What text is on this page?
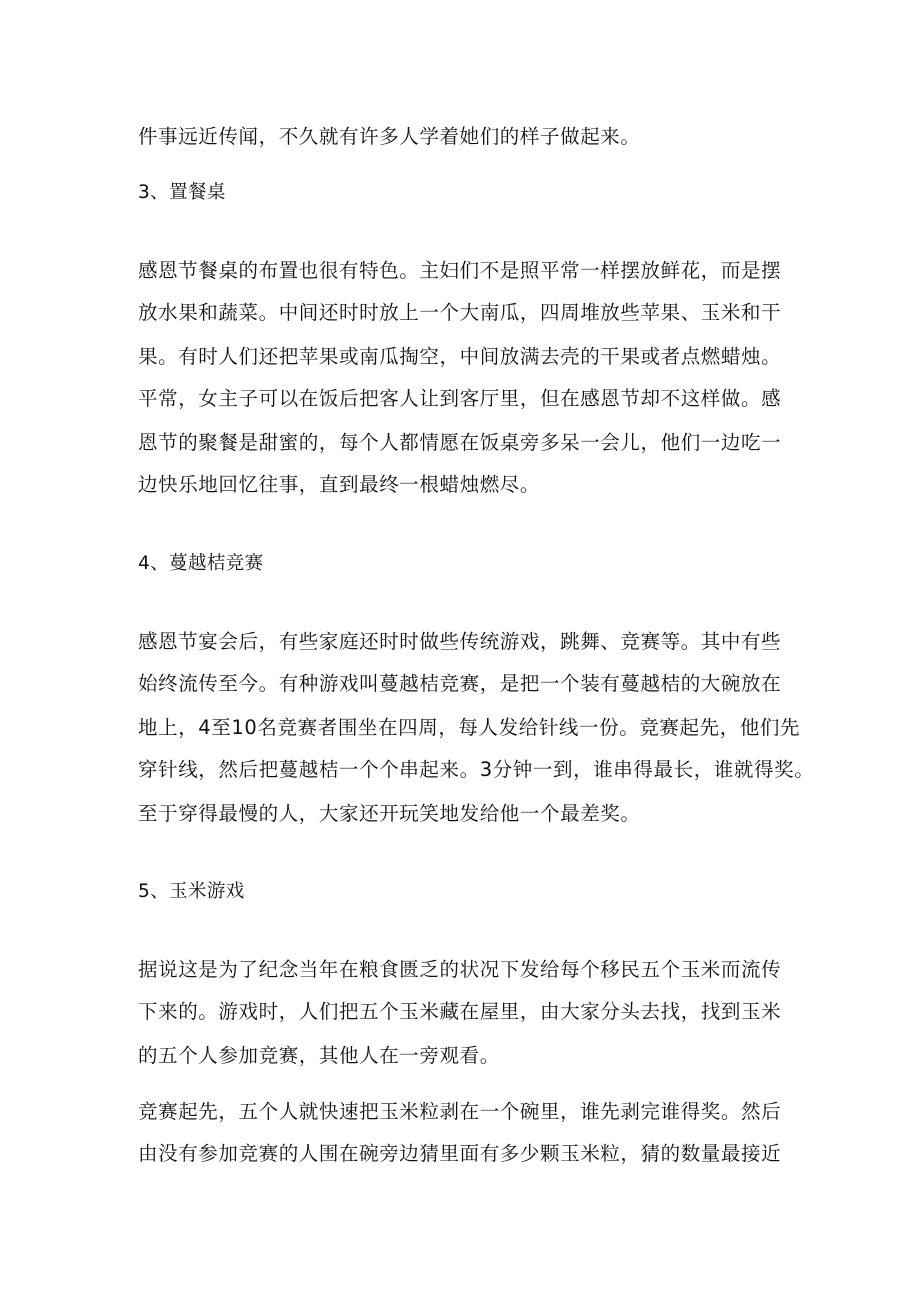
件事远近传闻，不久就有许多人学着她们的样子做起来。

3、置餐桌

感恩节餐桌的布置也很有特色。主妇们不是照平常一样摆放鲜花，而是摆

放水果和蔬菜。中间还时时放上一个大南瓜，四周堆放些苹果、玉米和干

果。有时人们还把苹果或南瓜掏空，中间放满去壳的干果或者点燃蜡烛。

平常，女主子可以在饭后把客人让到客厅里，但在感恩节却不这样做。感

恩节的聚餐是甜蜜的，每个人都情愿在饭桌旁多呆一会儿，他们一边吃一

边快乐地回忆往事，直到最终一根蜡烛燃尽。

4、蔓越桔竞赛

感恩节宴会后，有些家庭还时时做些传统游戏，跳舞、竞赛等。其中有些

始终流传至今。有种游戏叫蔓越桔竞赛，是把一个装有蔓越桔的大碗放在

地上，4至10名竞赛者围坐在四周，每人发给针线一份。竞赛起先，他们先

穿针线，然后把蔓越桔一个个串起来。3分钟一到，谁串得最长，谁就得奖。

至于穿得最慢的人，大家还开玩笑地发给他一个最差奖。

5、玉米游戏

据说这是为了纪念当年在粮食匮乏的状况下发给每个移民五个玉米而流传

下来的。游戏时，人们把五个玉米藏在屋里，由大家分头去找，找到玉米

的五个人参加竞赛，其他人在一旁观看。

竞赛起先，五个人就快速把玉米粒剥在一个碗里，谁先剥完谁得奖。然后

由没有参加竞赛的人围在碗旁边猜里面有多少颗玉米粒，猜的数量最接近
